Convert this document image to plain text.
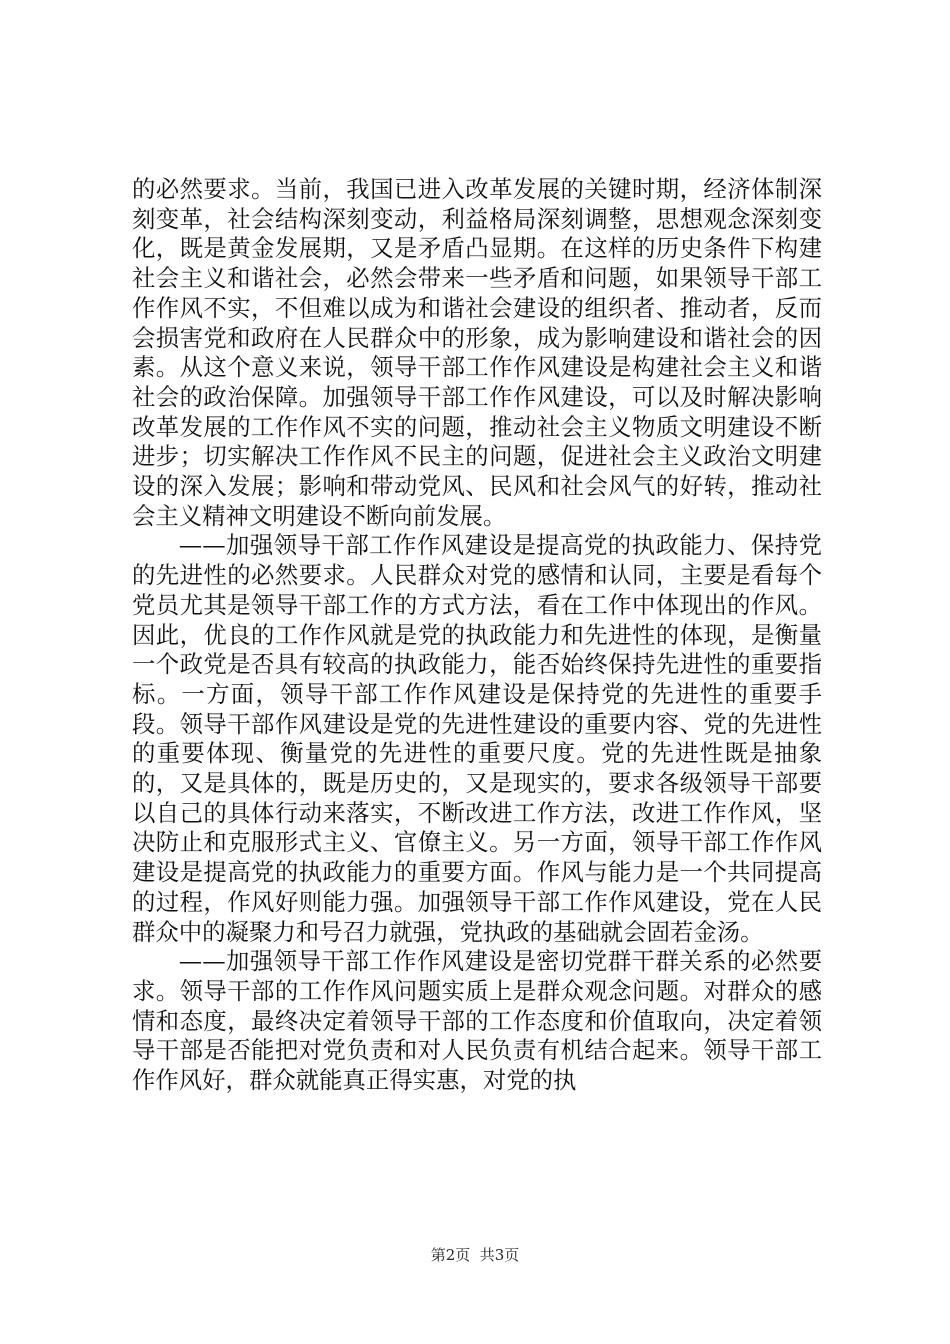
的必然要求。当前，我国已进入改革发展的关键时期，经济体制深刻变革，社会结构深刻变动，利益格局深刻调整，思想观念深刻变化，既是黄金发展期，又是矛盾凸显期。在这样的历史条件下构建社会主义和谐社会，必然会带来一些矛盾和问题，如果领导干部工作作风不实，不但难以成为和谐社会建设的组织者、推动者，反而会损害党和政府在人民群众中的形象，成为影响建设和谐社会的因素。从这个意义来说，领导干部工作作风建设是构建社会主义和谐社会的政治保障。加强领导干部工作作风建设，可以及时解决影响改革发展的工作作风不实的问题，推动社会主义物质文明建设不断进步；切实解决工作作风不民主的问题，促进社会主义政治文明建设的深入发展；影响和带动党风、民风和社会风气的好转，推动社会主义精神文明建设不断向前发展。

——加强领导干部工作作风建设是提高党的执政能力、保持党的先进性的必然要求。人民群众对党的感情和认同，主要是看每个党员尤其是领导干部工作的方式方法，看在工作中体现出的作风。因此，优良的工作作风就是党的执政能力和先进性的体现，是衡量一个政党是否具有较高的执政能力，能否始终保持先进性的重要指标。一方面，领导干部工作作风建设是保持党的先进性的重要手段。领导干部作风建设是党的先进性建设的重要内容、党的先进性的重要体现、衡量党的先进性的重要尺度。党的先进性既是抽象的，又是具体的，既是历史的，又是现实的，要求各级领导干部要以自己的具体行动来落实，不断改进工作方法，改进工作作风，坚决防止和克服形式主义、官僚主义。另一方面，领导干部工作作风建设是提高党的执政能力的重要方面。作风与能力是一个共同提高的过程，作风好则能力强。加强领导干部工作作风建设，党在人民群众中的凝聚力和号召力就强，党执政的基础就会固若金汤。

——加强领导干部工作作风建设是密切党群干群关系的必然要求。领导干部的工作作风问题实质上是群众观念问题。对群众的感情和态度，最终决定着领导干部的工作态度和价值取向，决定着领导干部是否能把对党负责和对人民负责有机结合起来。领导干部工作作风好，群众就能真正得实惠，对党的执

第2页  共3页
